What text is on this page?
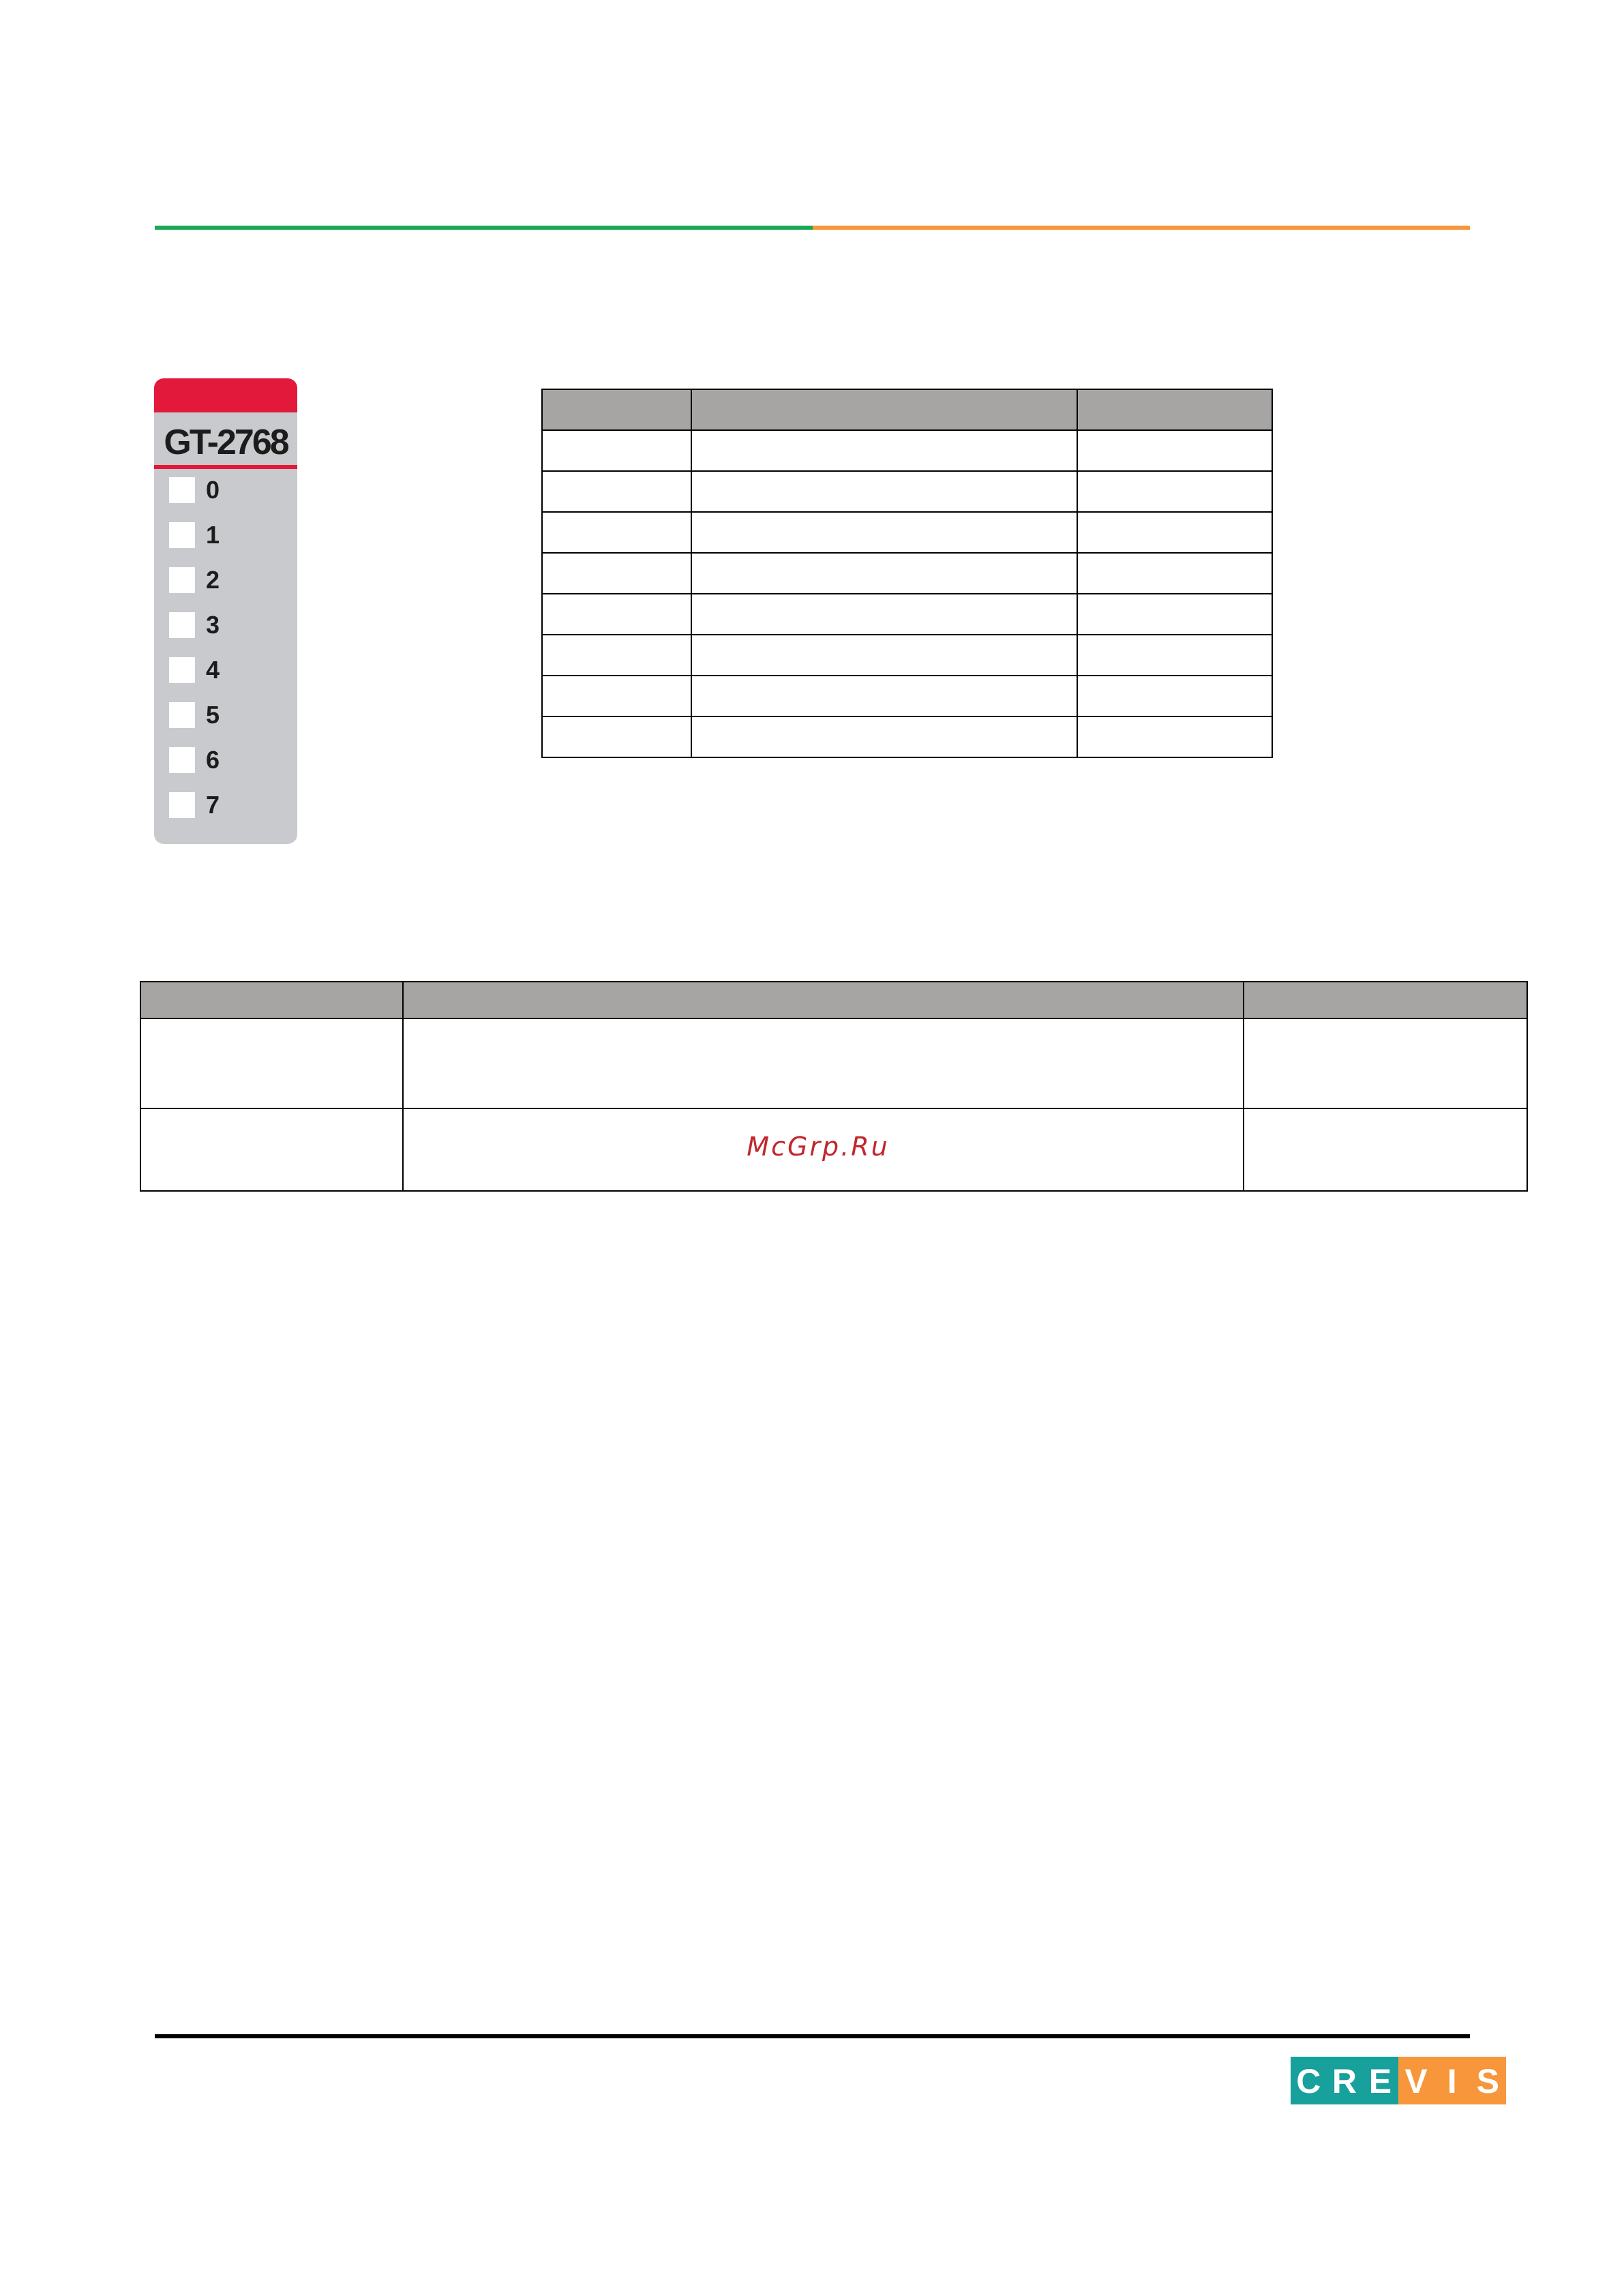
GT-2768
0
1
2
3
4
5
6
7

McGrp.Ru
C R E V I S
